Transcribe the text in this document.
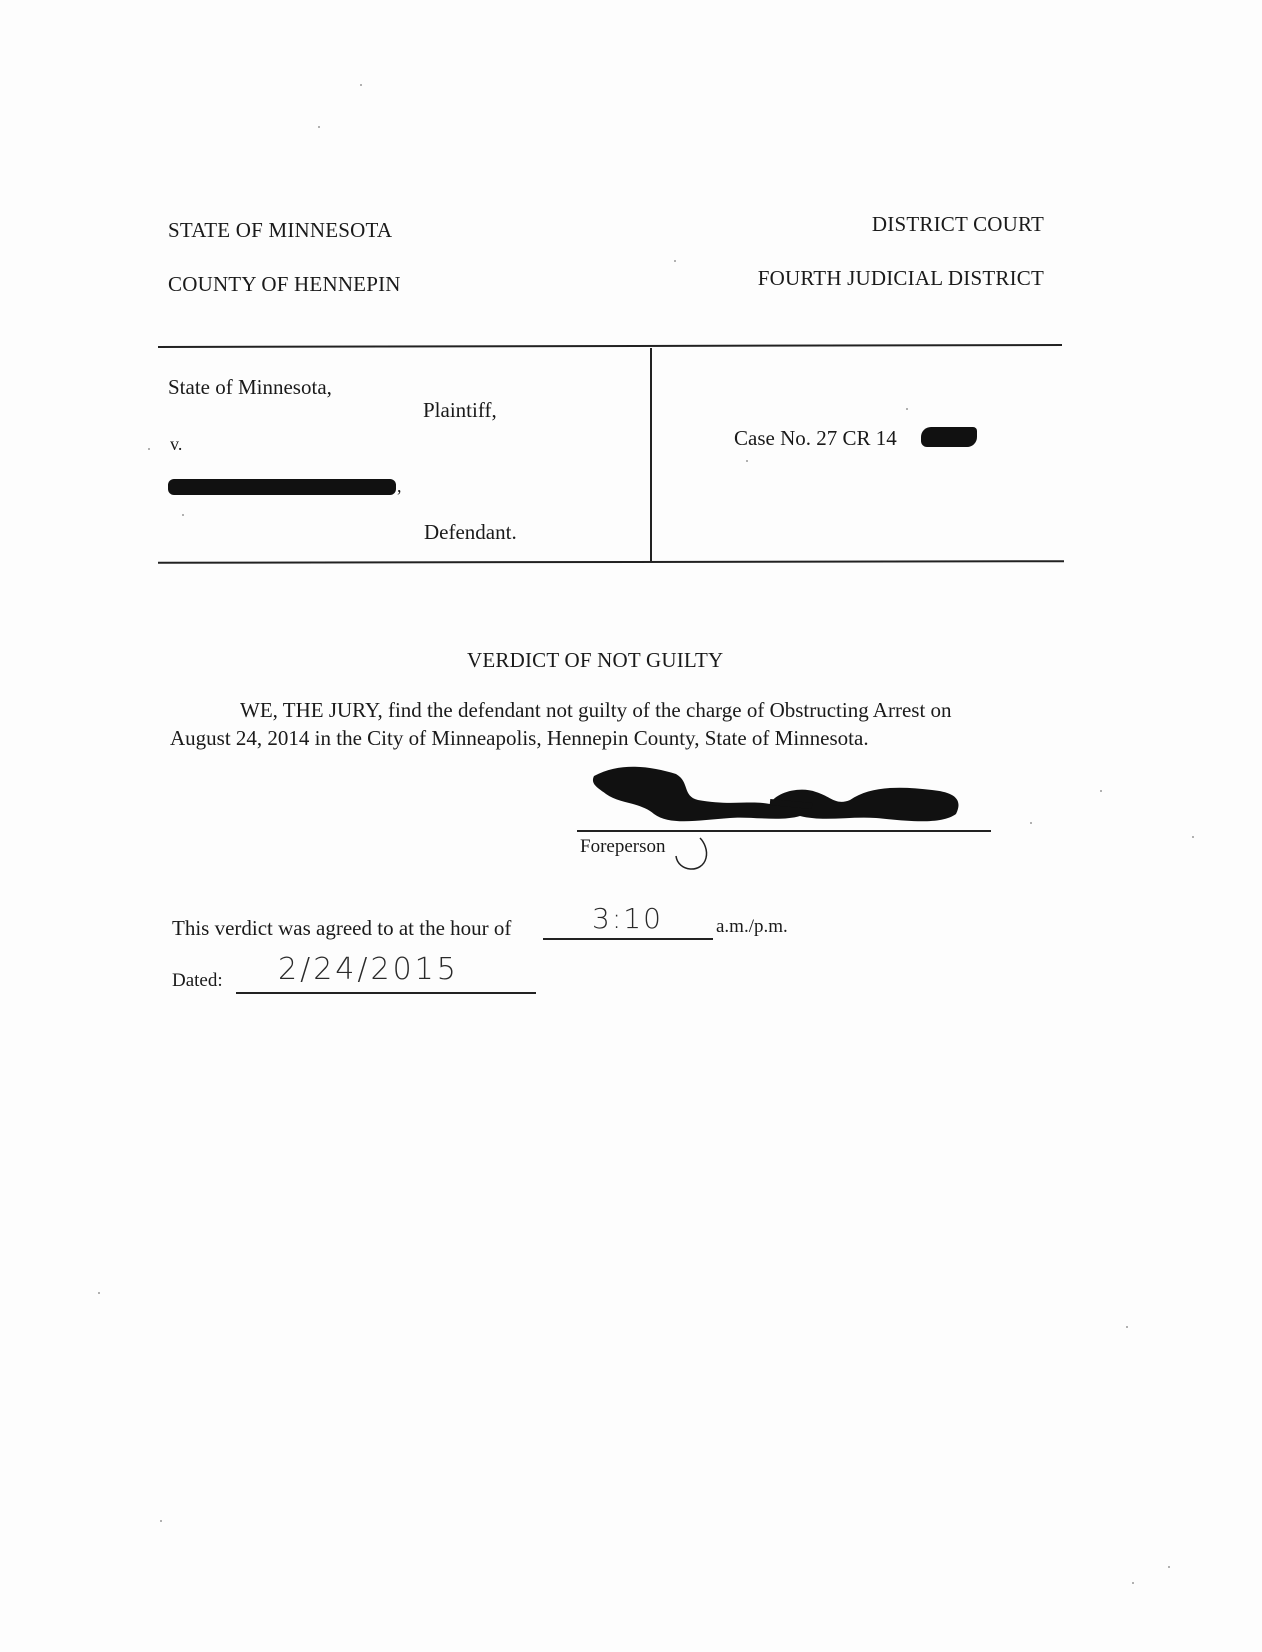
STATE OF MINNESOTA
COUNTY OF HENNEPIN
DISTRICT COURT
FOURTH JUDICIAL DISTRICT
State of Minnesota,
Plaintiff,
v.
,
Defendant.
Case No. 27 CR 14
VERDICT OF NOT GUILTY
WE, THE JURY, find the defendant not guilty of the charge of Obstructing Arrest on
August 24, 2014 in the City of Minneapolis, Hennepin County, State of Minnesota.
Foreperson
This verdict was agreed to at the hour of	3:10	a.m./p.m.
Dated: 2/24/2015
